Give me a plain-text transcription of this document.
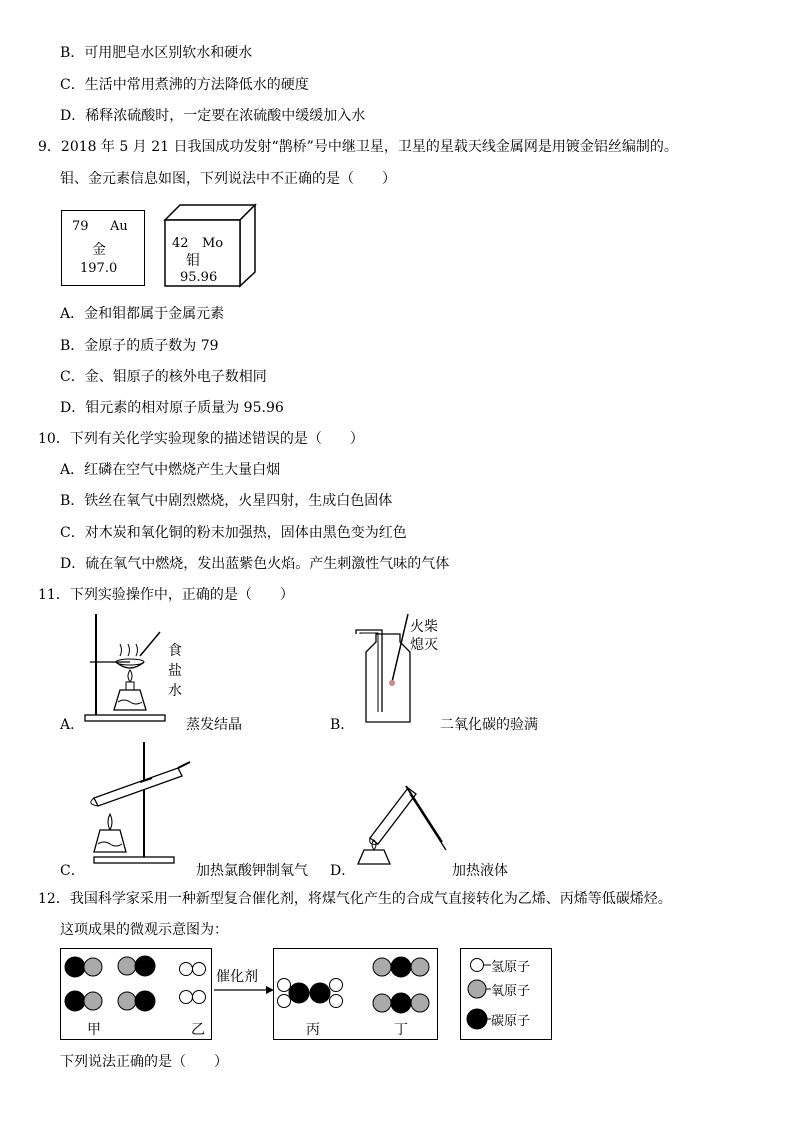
B．可用肥皂水区别软水和硬水
C．生活中常用煮沸的方法降低水的硬度
D．稀释浓硫酸时，一定要在浓硫酸中缓缓加入水
9．2018 年 5 月 21 日我国成功发射“鹊桥”号中继卫星，卫星的星载天线金属网是用镀金铝丝编制的。
钼、金元素信息如图，下列说法中不正确的是（　　）
79 Au
金
197.0
42 Mo
钼
95.96
A．金和钼都属于金属元素
B．金原子的质子数为 79
C．金、钼原子的核外电子数相同
D．钼元素的相对原子质量为 95.96
10．下列有关化学实验现象的描述错误的是（　　）
A．红磷在空气中燃烧产生大量白烟
B．铁丝在氧气中剧烈燃烧，火星四射，生成白色固体
C．对木炭和氧化铜的粉末加强热，固体由黑色变为红色
D．硫在氧气中燃烧，发出蓝紫色火焰。产生刺激性气味的气体
11．下列实验操作中，正确的是（　　）
食
盐
水
A．	蒸发结晶
火柴
熄灭
B．	二氧化碳的验满
C．	加热氯酸钾制氧气 D．	加热液体
12．我国科学家采用一种新型复合催化剂，将煤气化产生的合成气直接转化为乙烯、丙烯等低碳烯烃。
这项成果的微观示意图为：
甲	乙
催化剂
丙	丁
氢原子
氧原子
碳原子
下列说法正确的是（　　）
